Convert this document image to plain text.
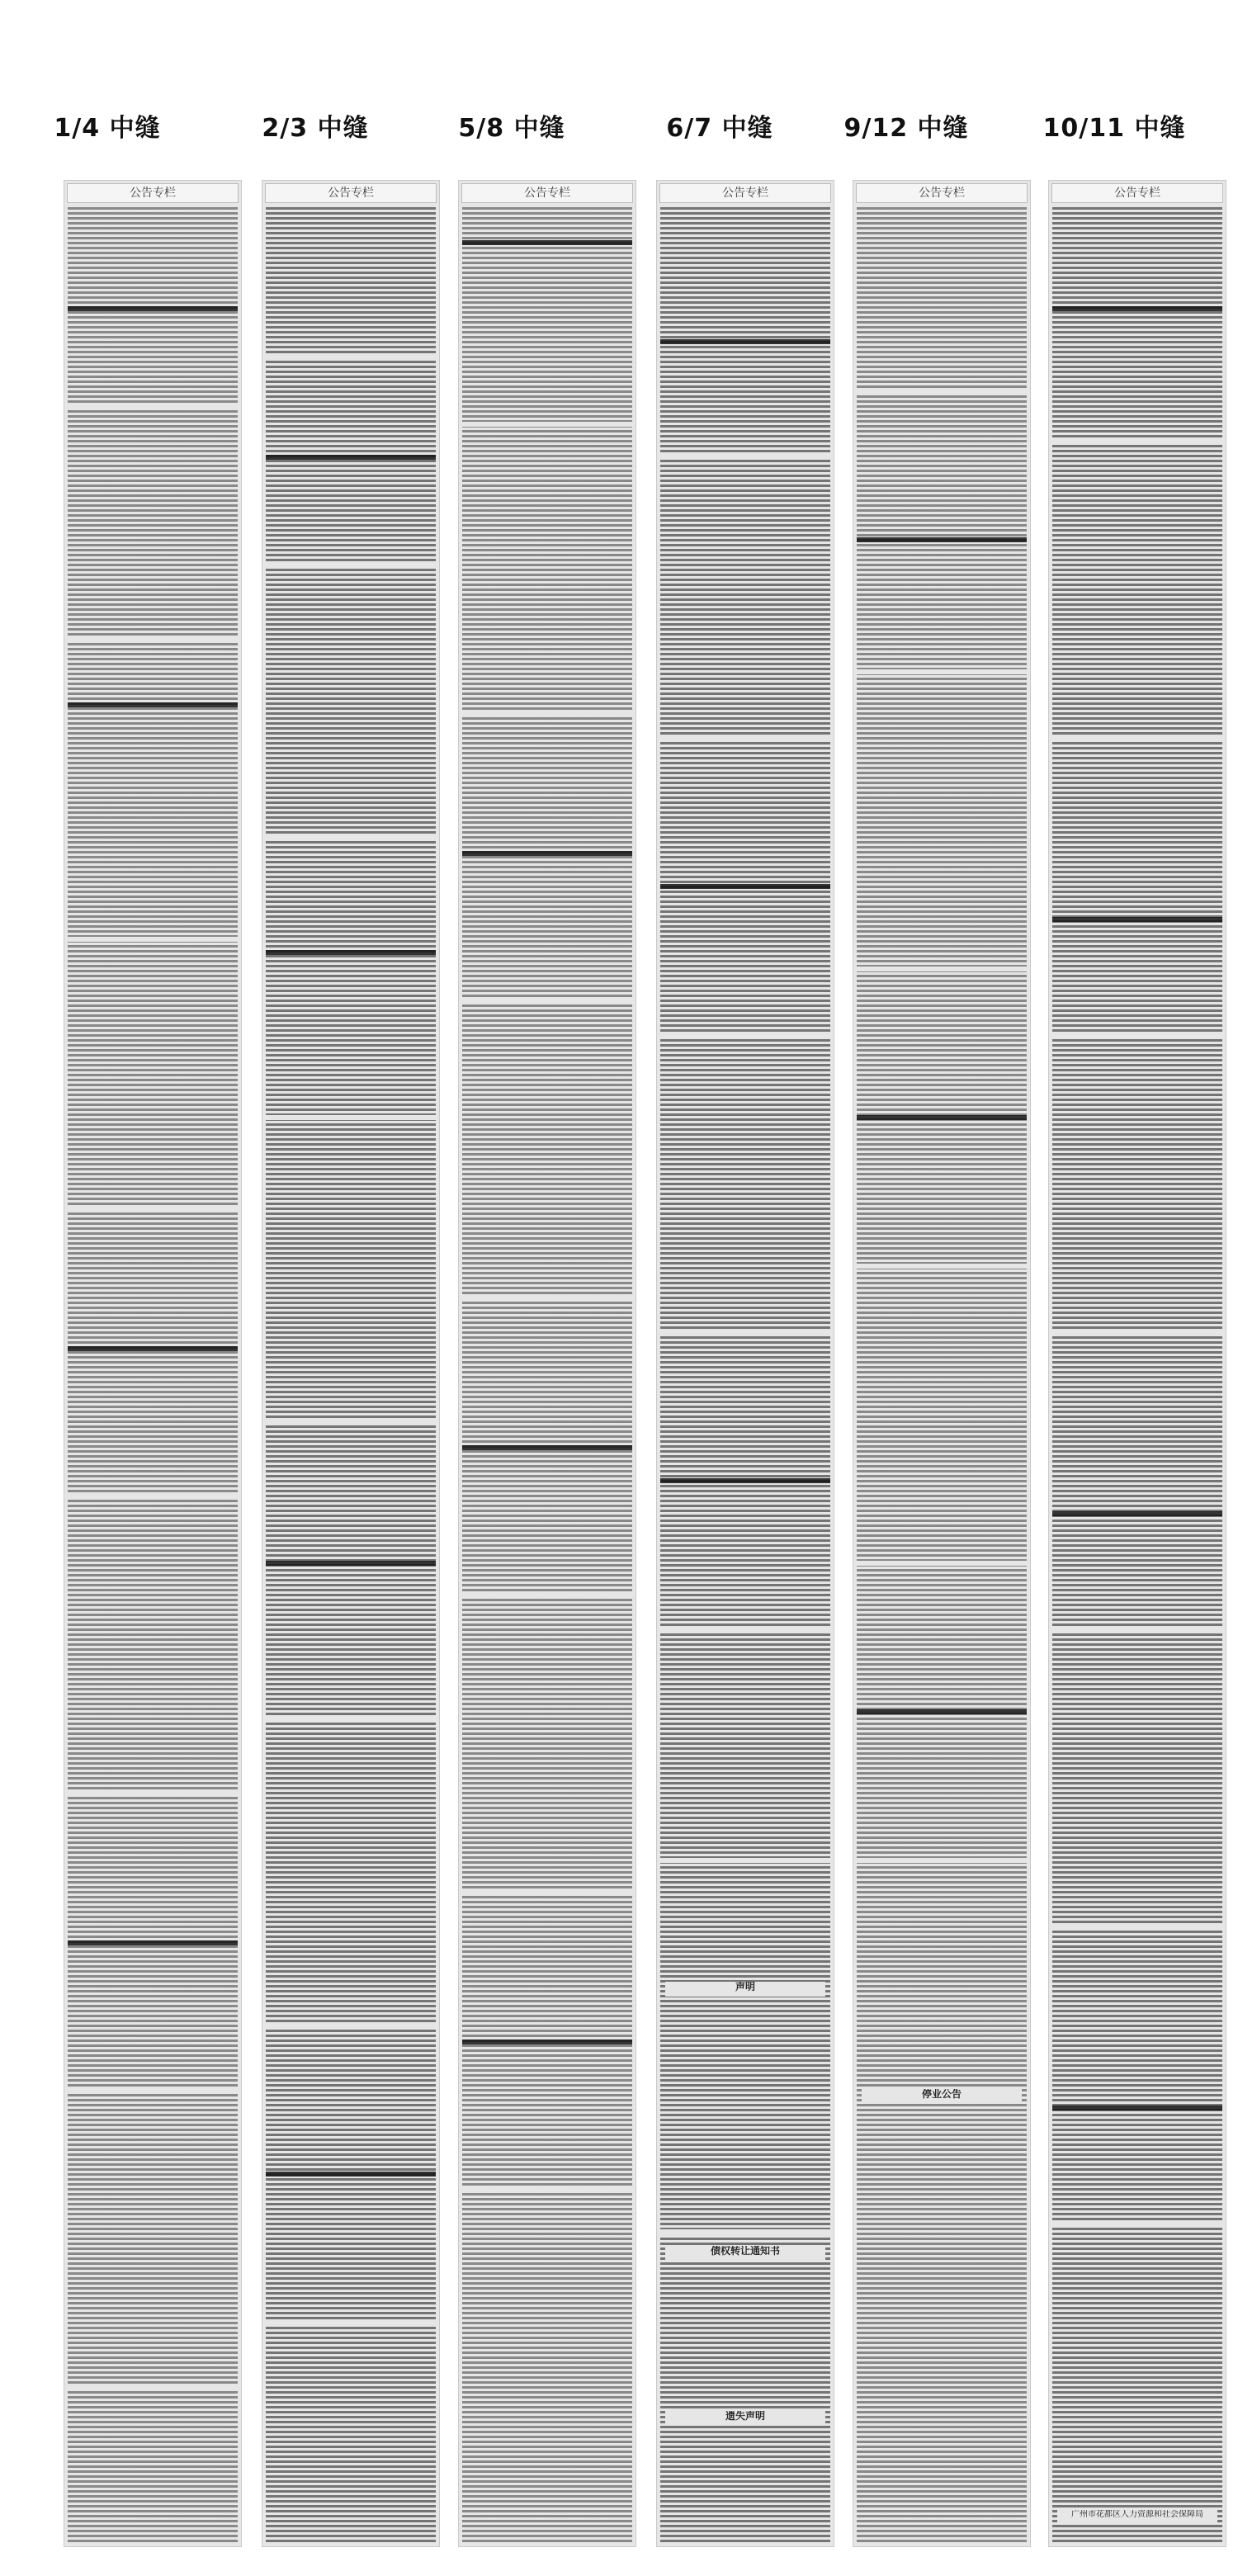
1/4 中缝	2/3 中缝	5/8 中缝	6/7 中缝	9/12 中缝	10/11 中缝
公告专栏	公告专栏	公告专栏	公告专栏
声明
债权转让通知书
遗失声明
公告专栏
停业公告
公告专栏
广州市花都区人力资源和社会保障局
